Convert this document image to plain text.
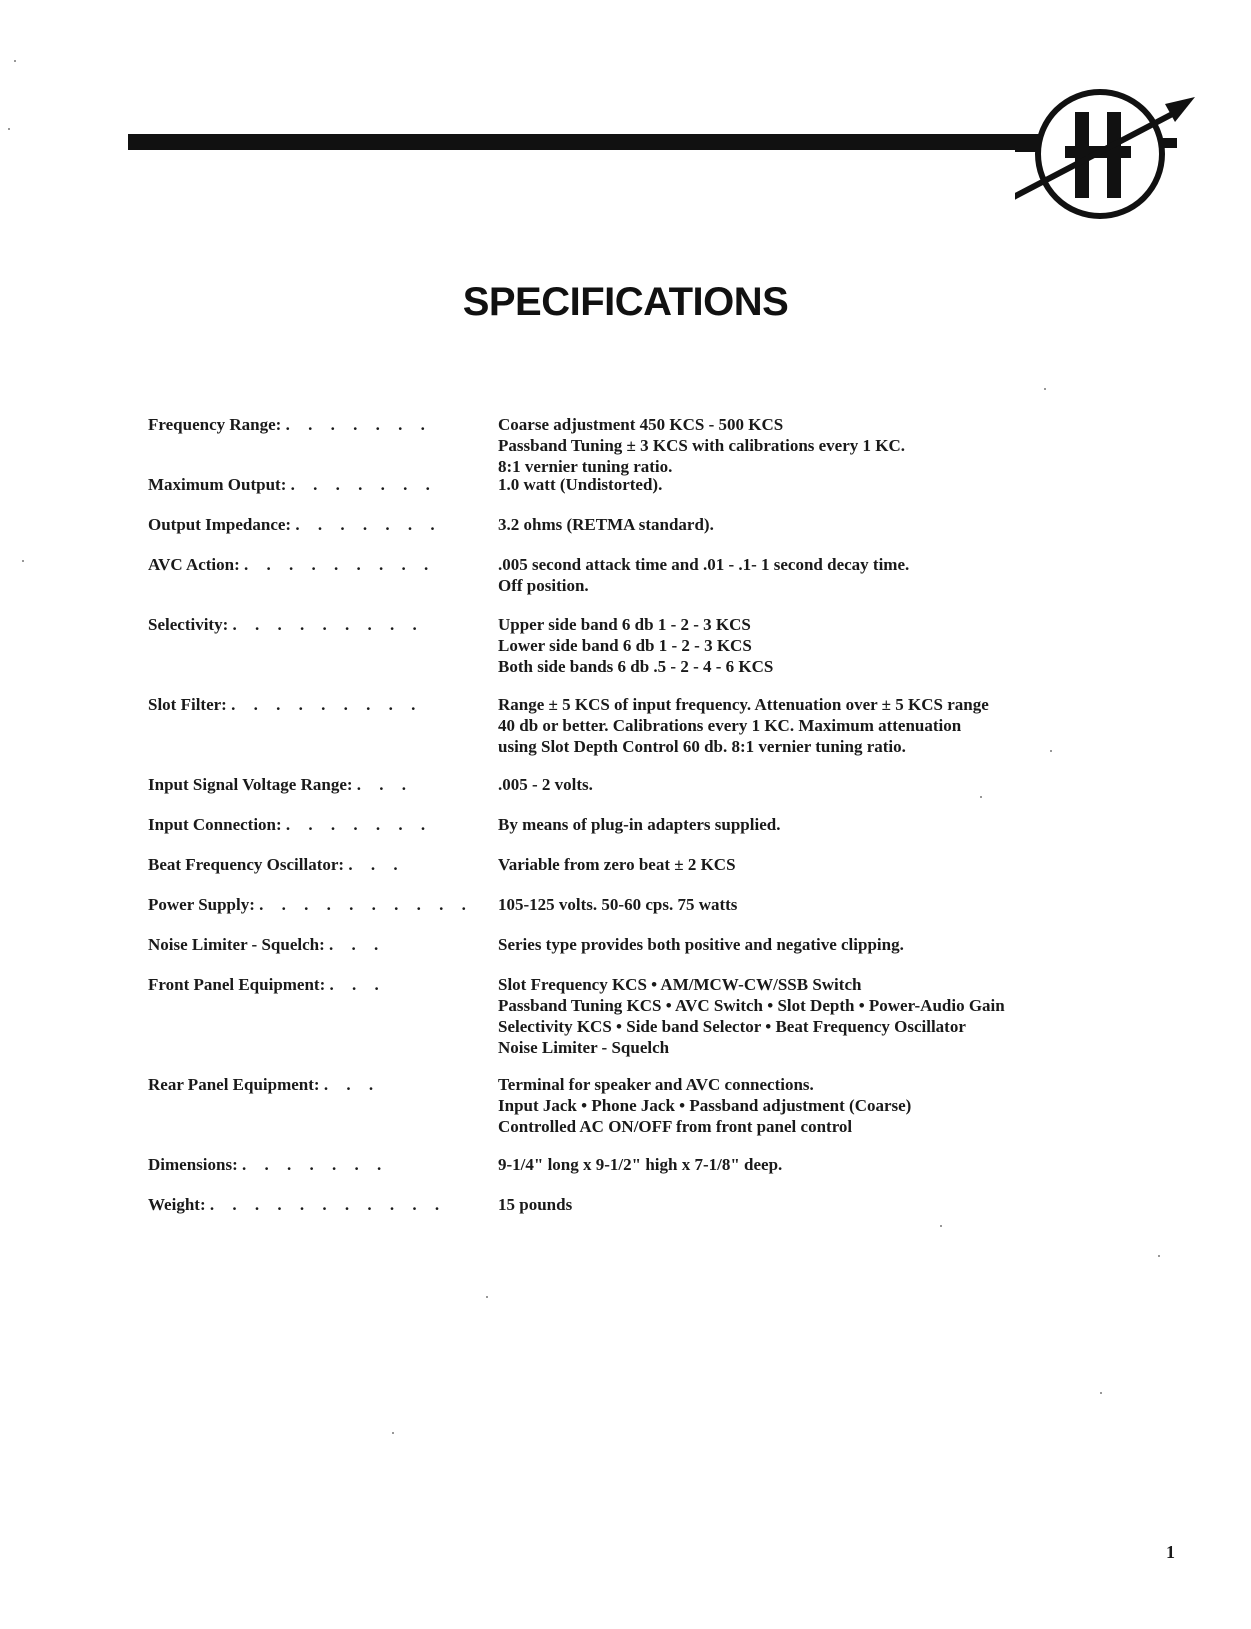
SPECIFICATIONS
Frequency Range: . . . . . . .	Coarse adjustment 450 KCS - 500 KCS
Passband Tuning ± 3 KCS with calibrations every 1 KC.
8:1 vernier tuning ratio.
Maximum Output: . . . . . . .	1.0 watt (Undistorted).
Output Impedance: . . . . . . .	3.2 ohms (RETMA standard).
AVC Action: . . . . . . . . .	.005 second attack time and .01 - .1- 1 second decay time.
Off position.
Selectivity: . . . . . . . . .	Upper side band 6 db 1 - 2 - 3 KCS
Lower side band 6 db 1 - 2 - 3 KCS
Both side bands 6 db .5 - 2 - 4 - 6 KCS
Slot Filter: . . . . . . . . .	Range ± 5 KCS of input frequency. Attenuation over ± 5 KCS range
40 db or better. Calibrations every 1 KC. Maximum attenuation
using Slot Depth Control 60 db. 8:1 vernier tuning ratio.
Input Signal Voltage Range: . . .	.005 - 2 volts.
Input Connection: . . . . . . .	By means of plug-in adapters supplied.
Beat Frequency Oscillator: . . .	Variable from zero beat ± 2 KCS
Power Supply: . . . . . . . . . .	105-125 volts. 50-60 cps. 75 watts
Noise Limiter - Squelch: . . .	Series type provides both positive and negative clipping.
Front Panel Equipment: . . .	Slot Frequency KCS • AM/MCW-CW/SSB Switch
Passband Tuning KCS • AVC Switch • Slot Depth • Power-Audio Gain
Selectivity KCS • Side band Selector • Beat Frequency Oscillator
Noise Limiter - Squelch
Rear Panel Equipment: . . .	Terminal for speaker and AVC connections.
Input Jack • Phone Jack • Passband adjustment (Coarse)
Controlled AC ON/OFF from front panel control
Dimensions: . . . . . . .	9-1/4" long x 9-1/2" high x 7-1/8" deep.
Weight: . . . . . . . . . . .	15 pounds
1
